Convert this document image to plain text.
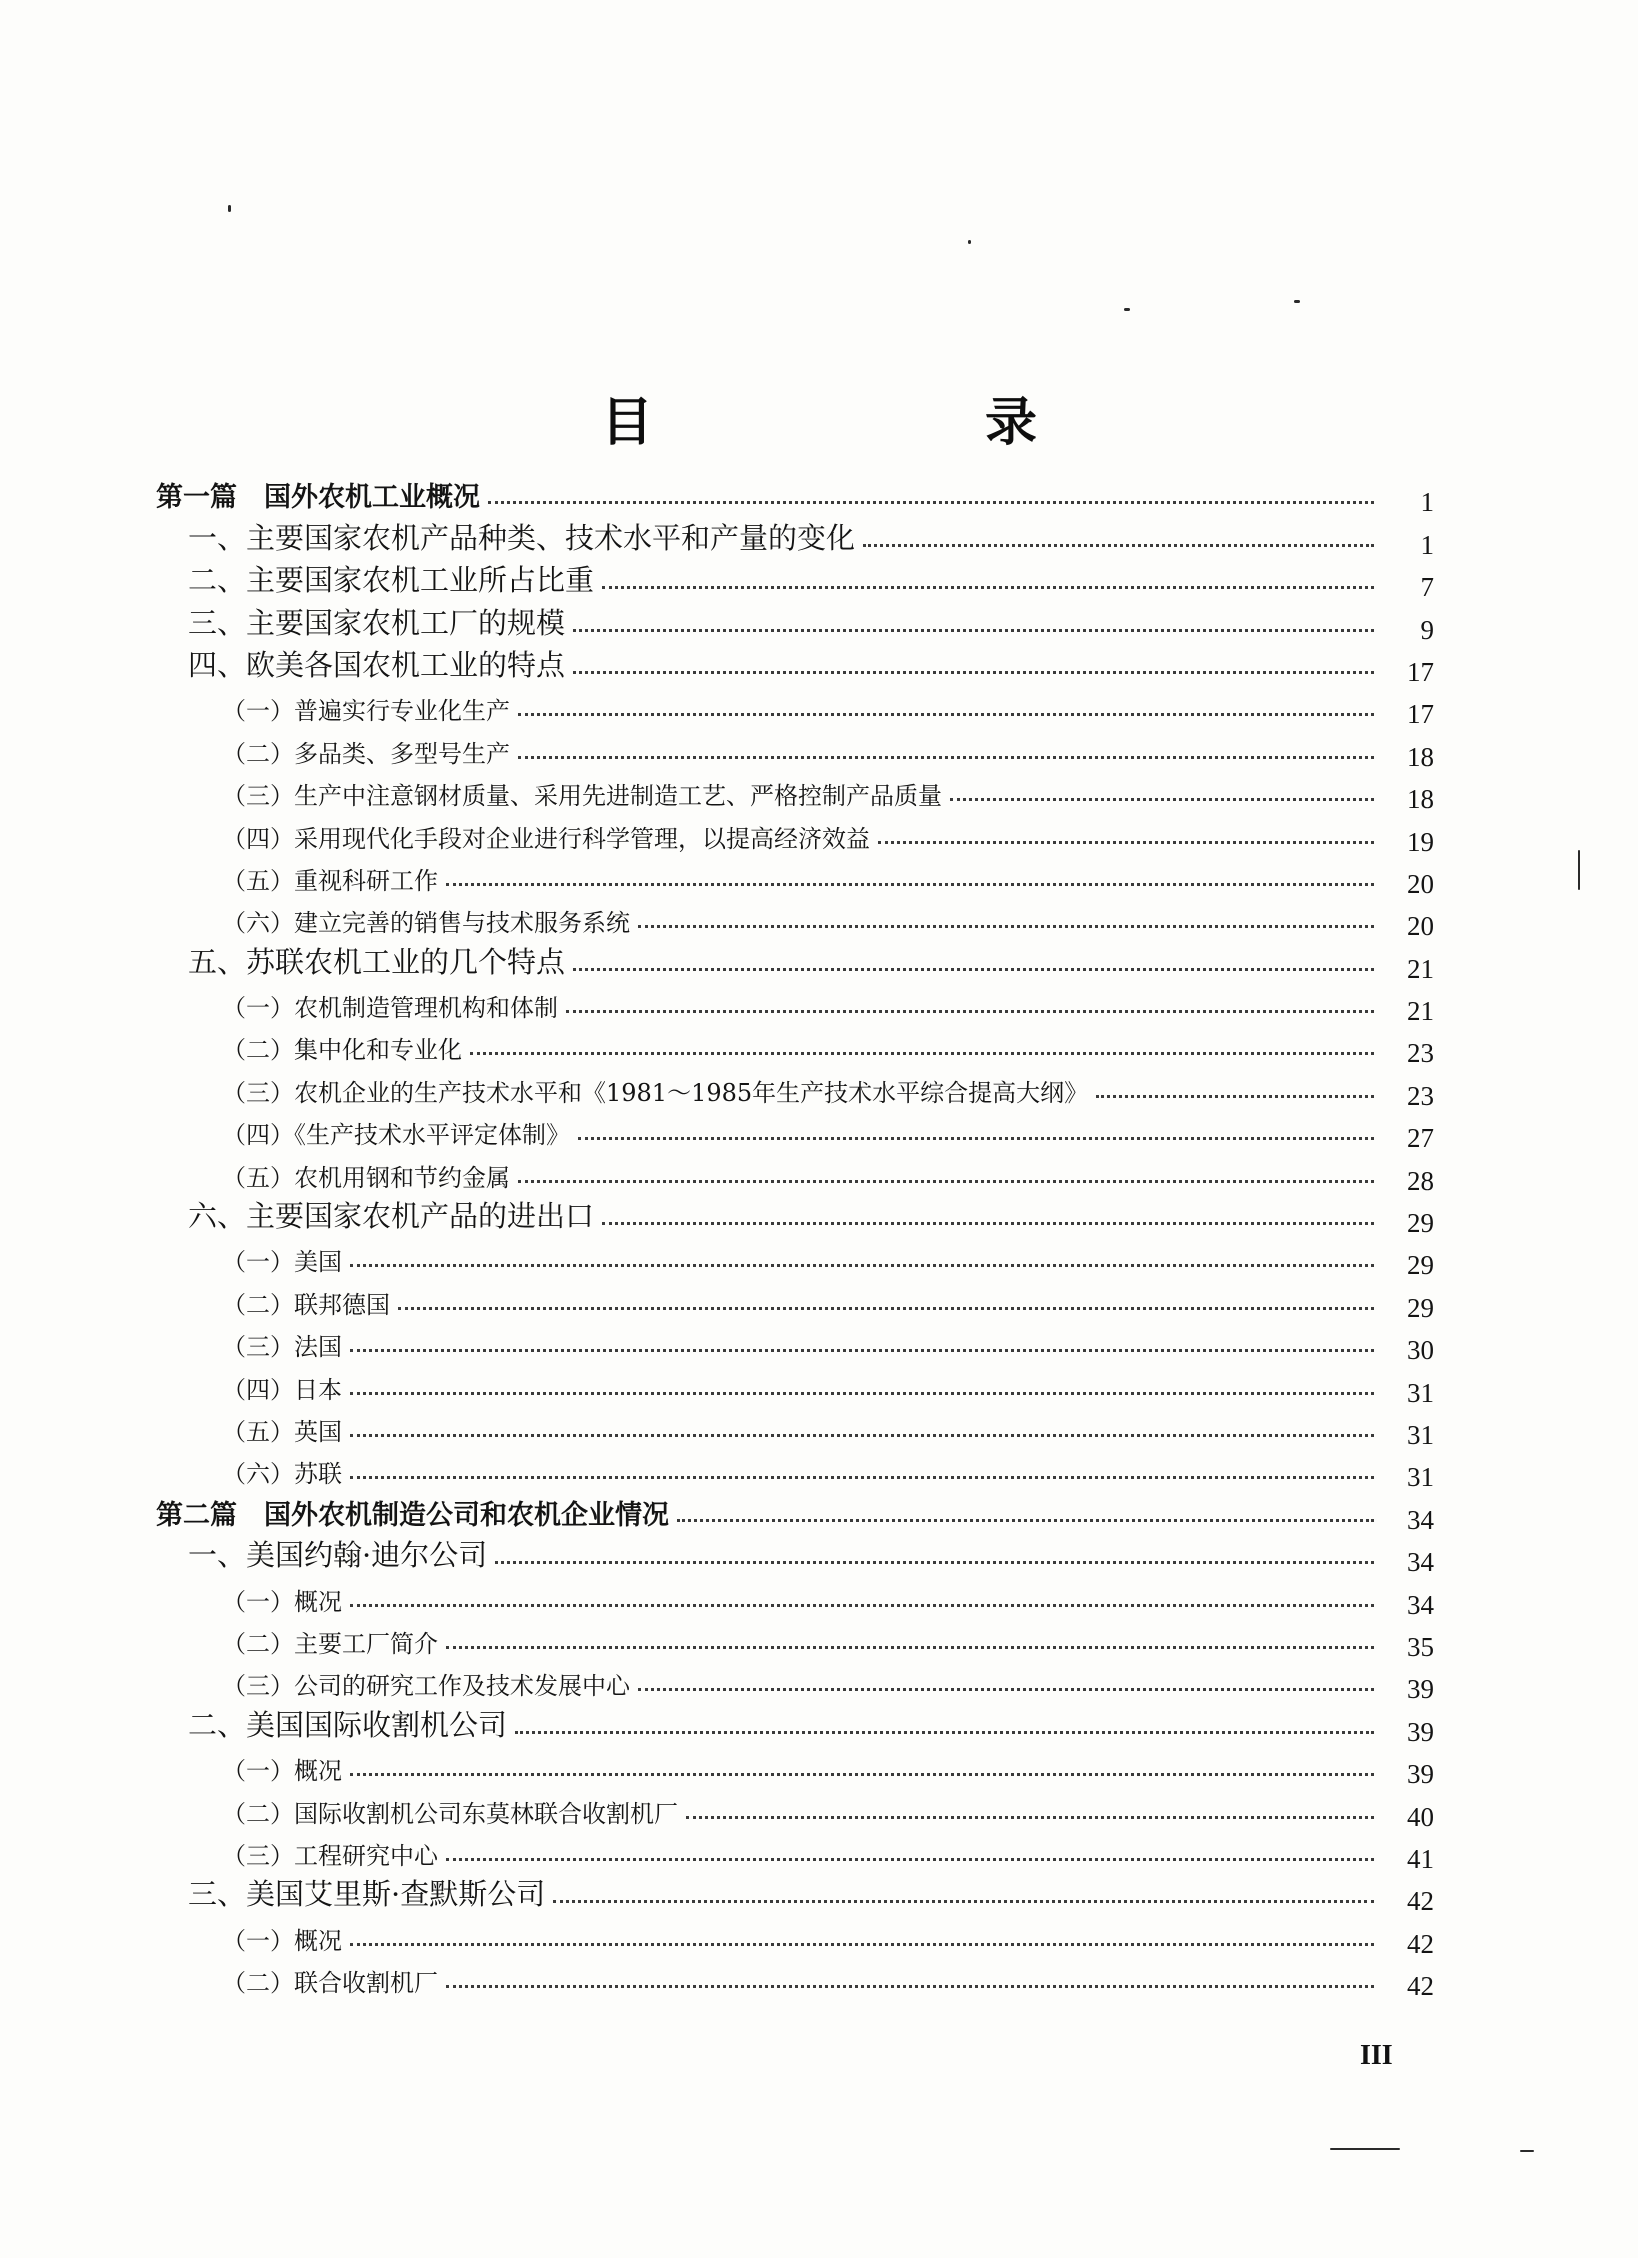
目　录
第一篇　国外农机工业概况	1
一、主要国家农机产品种类、技术水平和产量的变化	1
二、主要国家农机工业所占比重	7
三、主要国家农机工厂的规模	9
四、欧美各国农机工业的特点	17
（一）普遍实行专业化生产	17
（二）多品类、多型号生产	18
（三）生产中注意钢材质量、采用先进制造工艺、严格控制产品质量	18
（四）采用现代化手段对企业进行科学管理，以提高经济效益	19
（五）重视科研工作	20
（六）建立完善的销售与技术服务系统	20
五、苏联农机工业的几个特点	21
（一）农机制造管理机构和体制	21
（二）集中化和专业化	23
（三）农机企业的生产技术水平和《1981～1985年生产技术水平综合提高大纲》	23
（四）《生产技术水平评定体制》	27
（五）农机用钢和节约金属	28
六、主要国家农机产品的进出口	29
（一）美国	29
（二）联邦德国	29
（三）法国	30
（四）日本	31
（五）英国	31
（六）苏联	31
第二篇　国外农机制造公司和农机企业情况	34
一、美国约翰·迪尔公司	34
（一）概况	34
（二）主要工厂简介	35
（三）公司的研究工作及技术发展中心	39
二、美国国际收割机公司	39
（一）概况	39
（二）国际收割机公司东莫林联合收割机厂	40
（三）工程研究中心	41
三、美国艾里斯·查默斯公司	42
（一）概况	42
（二）联合收割机厂	42
III
